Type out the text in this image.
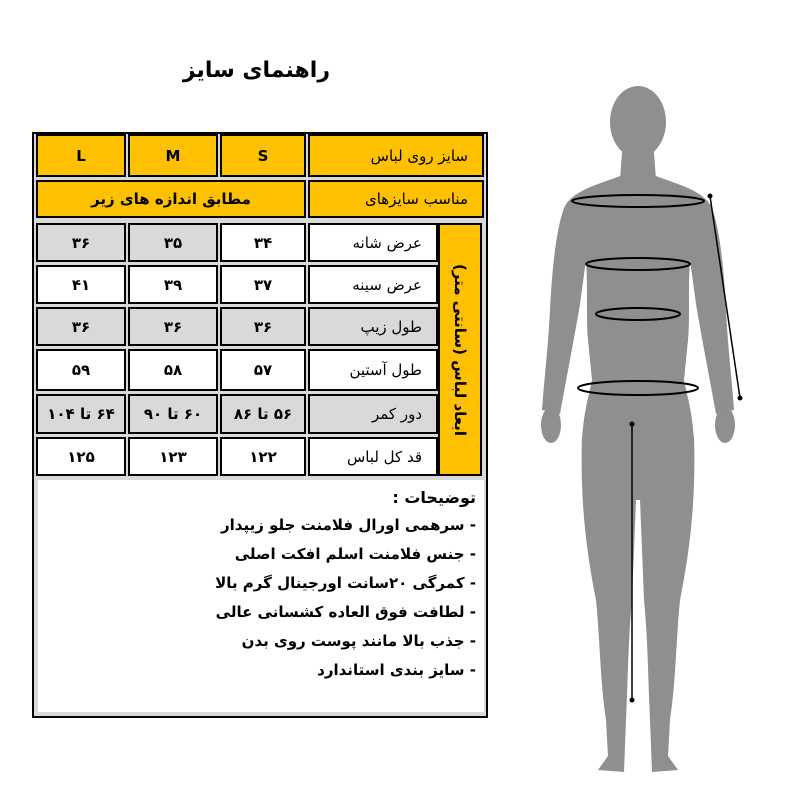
راهنمای سایز
L	M	S	سایز روی لباس
مطابق اندازه های زیر	مناسب سایزهای
ابعاد لباس (سانتی متر)
۳۶	۳۵	۳۴	عرض شانه
۴۱	۳۹	۳۷	عرض سینه
۳۶	۳۶	۳۶	طول زیپ
۵۹	۵۸	۵۷	طول آستین
۶۴ تا ۱۰۴	۶۰ تا ۹۰	۵۶ تا ۸۶	دور کمر
۱۲۵	۱۲۳	۱۲۲	قد کل لباس
توضیحات :
- سرهمی اورال فلامنت جلو زیپدار
- جنس فلامنت اسلم افکت اصلی
- کمرگی ۲۰سانت اورجینال گرم بالا
- لطافت فوق العاده کشسانی عالی
- جذب بالا مانند پوست روی بدن
- سایز بندی استاندارد
